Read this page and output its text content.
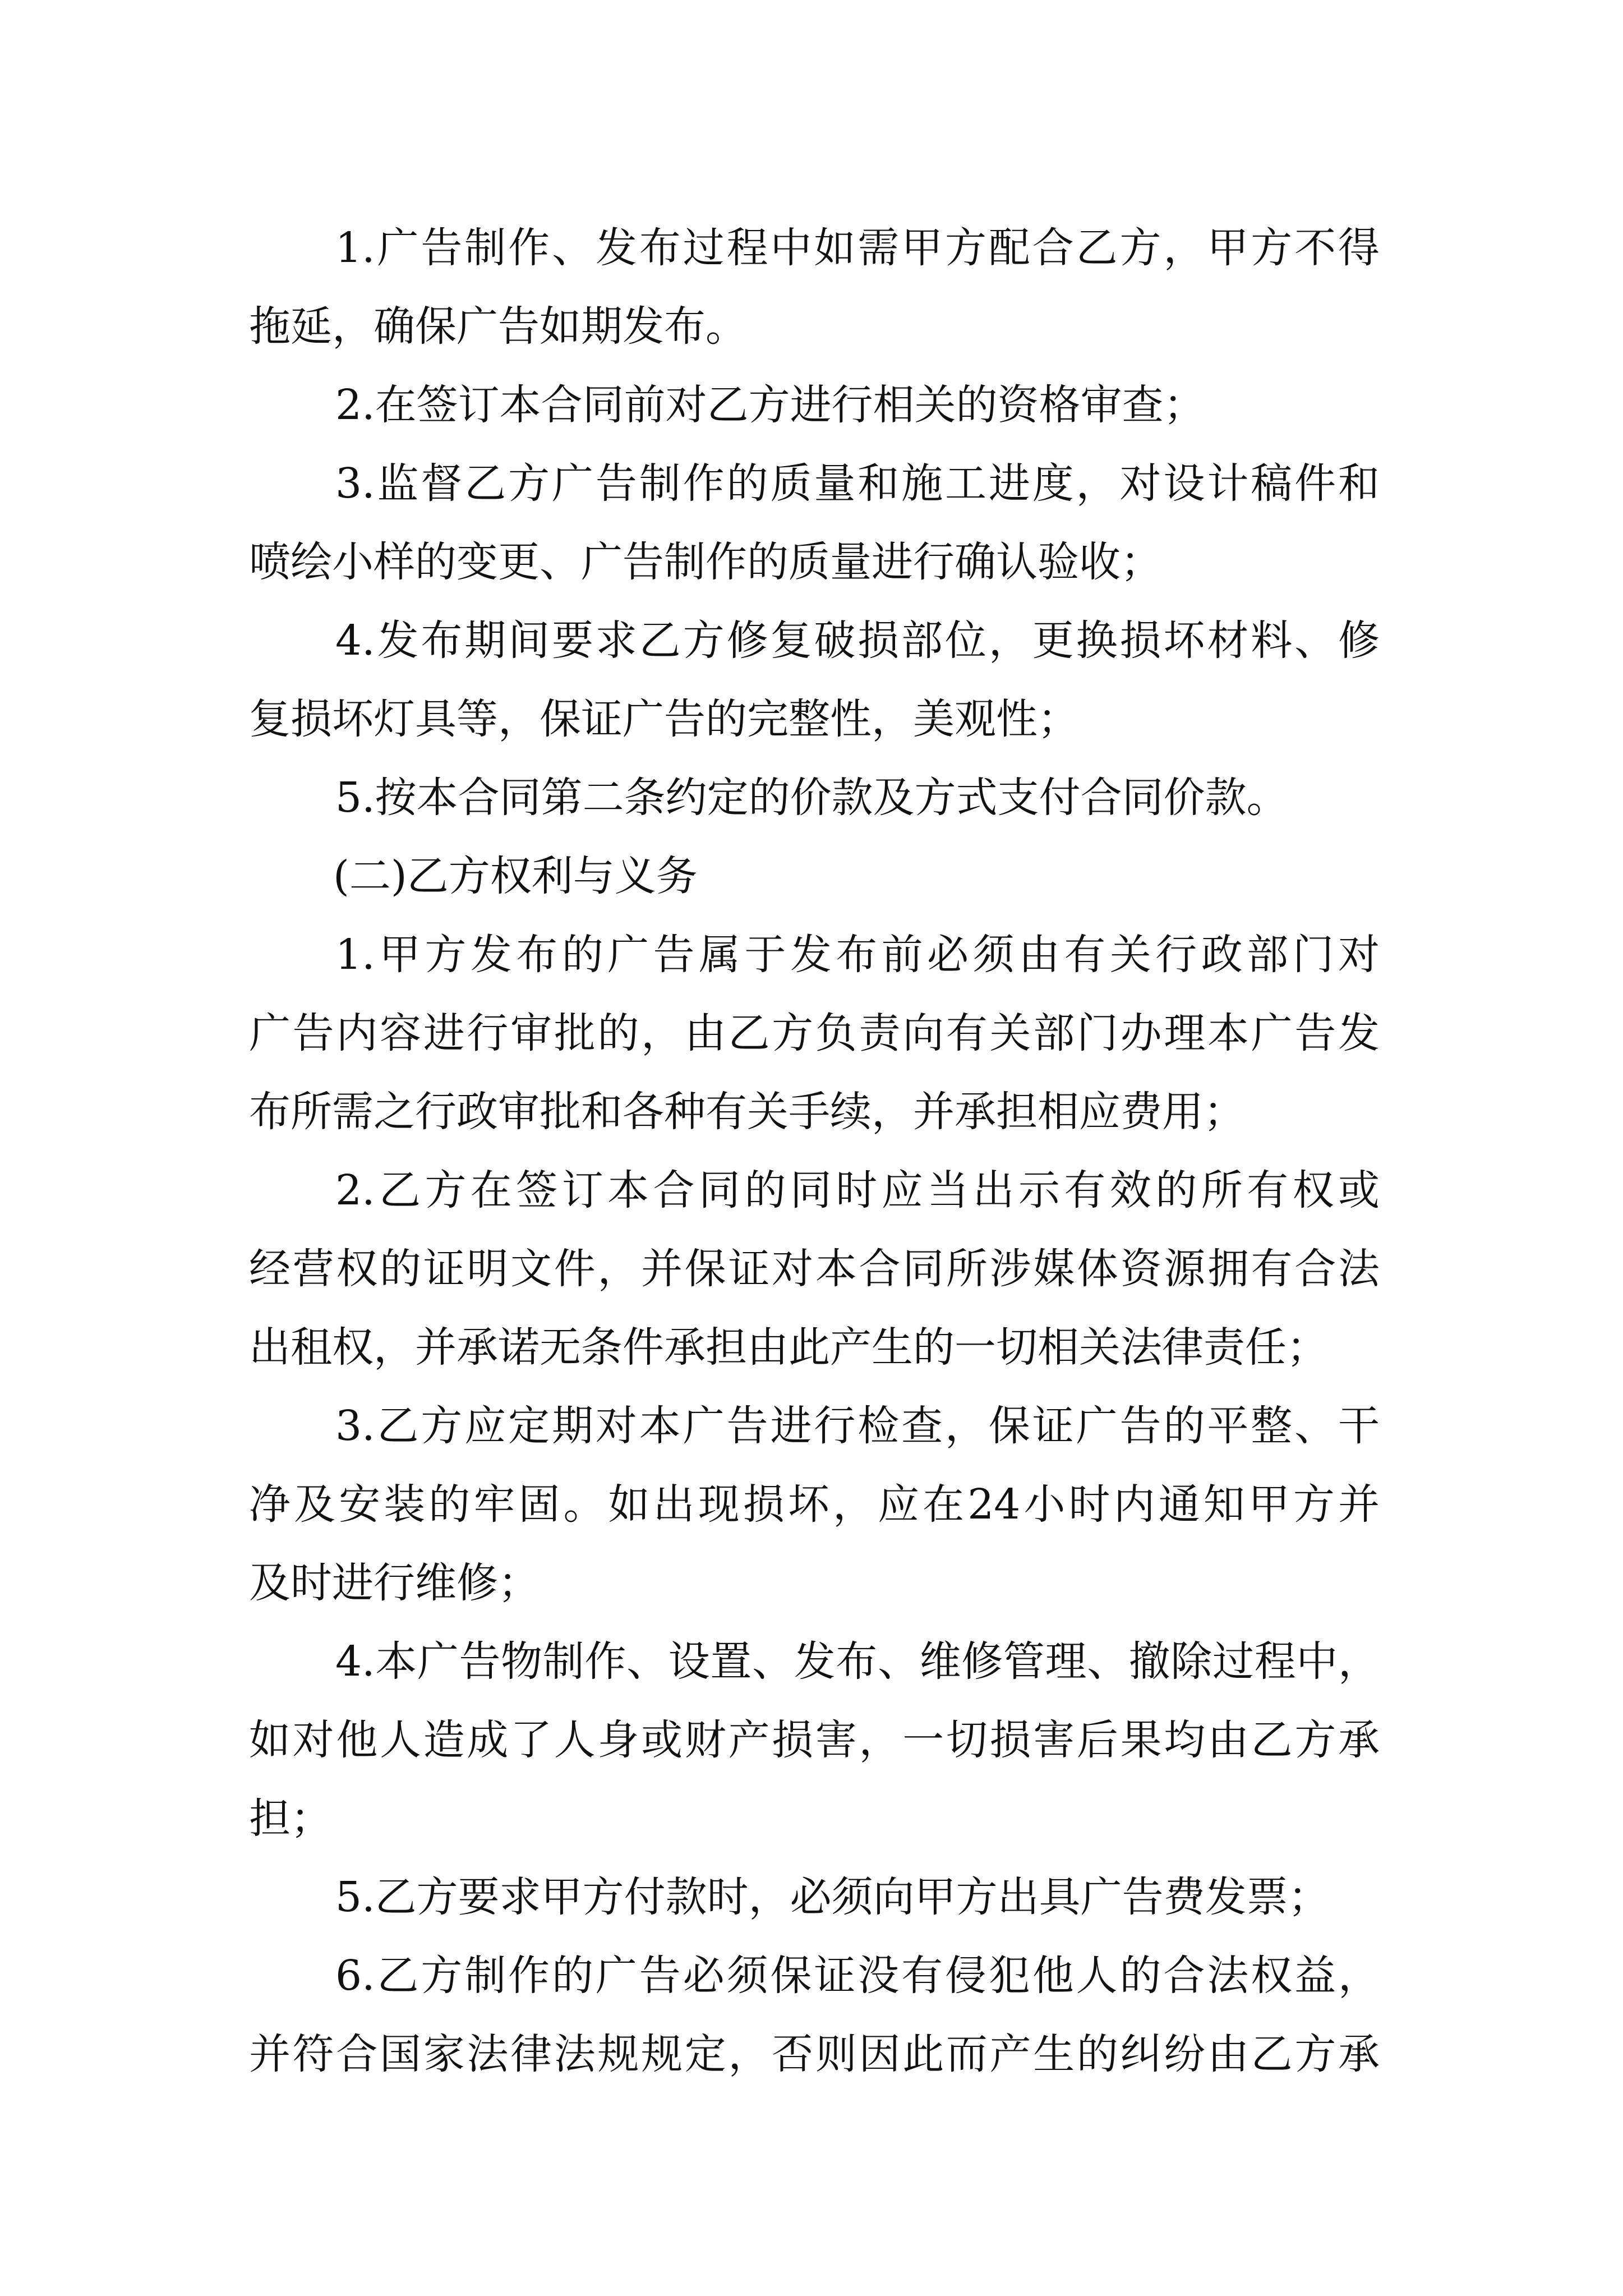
1.广告制作、发布过程中如需甲方配合乙方，甲方不得
拖延，确保广告如期发布。
2.在签订本合同前对乙方进行相关的资格审查；
3.监督乙方广告制作的质量和施工进度，对设计稿件和
喷绘小样的变更、广告制作的质量进行确认验收；
4.发布期间要求乙方修复破损部位，更换损坏材料、修
复损坏灯具等，保证广告的完整性，美观性；
5.按本合同第二条约定的价款及方式支付合同价款。
(二)乙方权利与义务
1.甲方发布的广告属于发布前必须由有关行政部门对
广告内容进行审批的，由乙方负责向有关部门办理本广告发
布所需之行政审批和各种有关手续，并承担相应费用；
2.乙方在签订本合同的同时应当出示有效的所有权或
经营权的证明文件，并保证对本合同所涉媒体资源拥有合法
出租权，并承诺无条件承担由此产生的一切相关法律责任；
3.乙方应定期对本广告进行检查，保证广告的平整、干
净及安装的牢固。如出现损坏，应在24小时内通知甲方并
及时进行维修；
4.本广告物制作、设置、发布、维修管理、撤除过程中，
如对他人造成了人身或财产损害，一切损害后果均由乙方承
担；
5.乙方要求甲方付款时，必须向甲方出具广告费发票；
6.乙方制作的广告必须保证没有侵犯他人的合法权益，
并符合国家法律法规规定，否则因此而产生的纠纷由乙方承
